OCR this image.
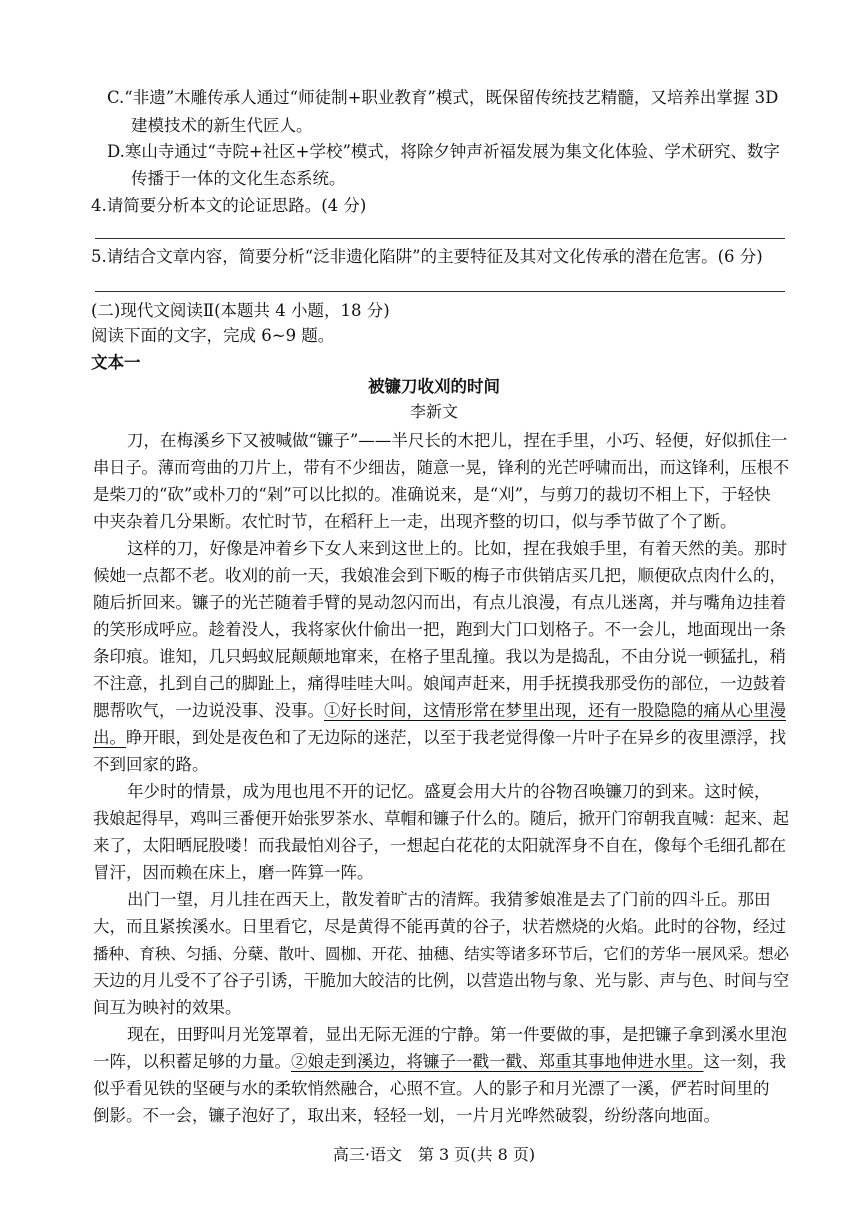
C.“非遗”木雕传承人通过“师徒制+职业教育”模式，既保留传统技艺精髓，又培养出掌握 3D
建模技术的新生代匠人。
D.寒山寺通过“寺院+社区+学校”模式，将除夕钟声祈福发展为集文化体验、学术研究、数字
传播于一体的文化生态系统。
4.请简要分析本文的论证思路。(4 分)
5.请结合文章内容，简要分析“泛非遗化陷阱”的主要特征及其对文化传承的潜在危害。(6 分)
(二)现代文阅读Ⅱ(本题共 4 小题，18 分)
阅读下面的文字，完成 6~9 题。
文本一
被镰刀收刈的时间
李新文
刀，在梅溪乡下又被喊做“镰子”——半尺长的木把儿，捏在手里，小巧、轻便，好似抓住一
串日子。薄而弯曲的刀片上，带有不少细齿，随意一晃，锋利的光芒呼啸而出，而这锋利，压根不
是柴刀的“砍”或朴刀的“剁”可以比拟的。准确说来，是“刈”，与剪刀的裁切不相上下，于轻快
中夹杂着几分果断。农忙时节，在稻秆上一走，出现齐整的切口，似与季节做了个了断。
这样的刀，好像是冲着乡下女人来到这世上的。比如，捏在我娘手里，有着天然的美。那时
候她一点都不老。收刈的前一天，我娘准会到下畈的梅子市供销店买几把，顺便砍点肉什么的，
随后折回来。镰子的光芒随着手臂的晃动忽闪而出，有点儿浪漫，有点儿迷离，并与嘴角边挂着
的笑形成呼应。趁着没人，我将家伙什偷出一把，跑到大门口划格子。不一会儿，地面现出一条
条印痕。谁知，几只蚂蚁屁颠颠地窜来，在格子里乱撞。我以为是捣乱，不由分说一顿猛扎，稍
不注意，扎到自己的脚趾上，痛得哇哇大叫。娘闻声赶来，用手抚摸我那受伤的部位，一边鼓着
腮帮吹气，一边说没事、没事。①好长时间，这情形常在梦里出现，还有一股隐隐的痛从心里漫
出。睁开眼，到处是夜色和了无边际的迷茫，以至于我老觉得像一片叶子在异乡的夜里漂浮，找
不到回家的路。
年少时的情景，成为甩也甩不开的记忆。盛夏会用大片的谷物召唤镰刀的到来。这时候，
我娘起得早，鸡叫三番便开始张罗茶水、草帽和镰子什么的。随后，掀开门帘朝我直喊：起来、起
来了，太阳晒屁股喽！而我最怕刈谷子，一想起白花花的太阳就浑身不自在，像每个毛细孔都在
冒汗，因而赖在床上，磨一阵算一阵。
出门一望，月儿挂在西天上，散发着旷古的清辉。我猜爹娘准是去了门前的四斗丘。那田
大，而且紧挨溪水。日里看它，尽是黄得不能再黄的谷子，状若燃烧的火焰。此时的谷物，经过
播种、育秧、匀插、分蘖、散叶、圆枷、开花、抽穗、结实等诸多环节后，它们的芳华一展风采。想必
天边的月儿受不了谷子引诱，干脆加大皎洁的比例，以营造出物与象、光与影、声与色、时间与空
间互为映衬的效果。
现在，田野叫月光笼罩着，显出无际无涯的宁静。第一件要做的事，是把镰子拿到溪水里泡
一阵，以积蓄足够的力量。②娘走到溪边，将镰子一戳一戳、郑重其事地伸进水里。这一刻，我
似乎看见铁的坚硬与水的柔软悄然融合，心照不宣。人的影子和月光漂了一溪，俨若时间里的
倒影。不一会，镰子泡好了，取出来，轻轻一划，一片月光哗然破裂，纷纷落向地面。
高三·语文　第 3 页(共 8 页)
